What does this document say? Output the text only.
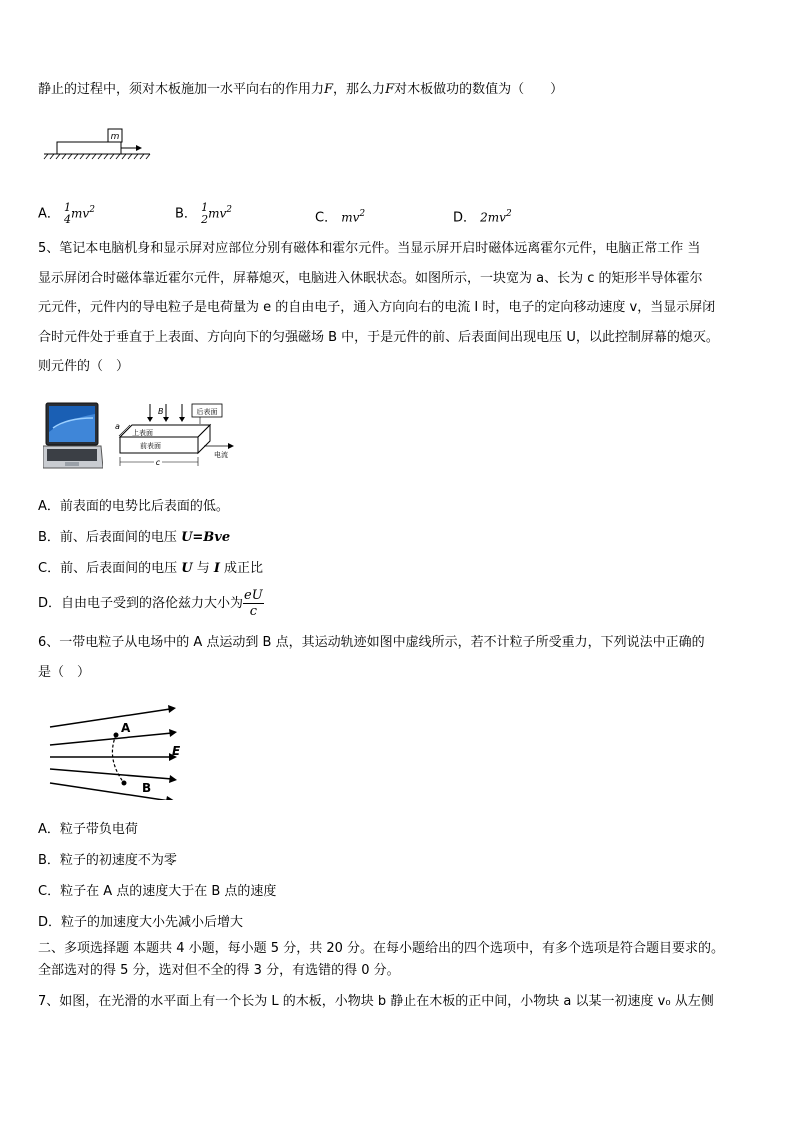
静止的过程中，须对木板施加一水平向右的作用力F，那么力F对木板做功的数值为（　　）
m
A． 1
4 $mv^2$	B． 1
2 $mv^2$
C． $mv^2$	D． $2mv^2$
5、笔记本电脑机身和显示屏对应部位分别有磁体和霍尔元件。当显示屏开启时磁体远离霍尔元件，电脑正常工作 当
显示屏闭合时磁体靠近霍尔元件，屏幕熄灭，电脑进入休眠状态。如图所示，一块宽为 a、长为 c 的矩形半导体霍尔
元元件，元件内的导电粒子是电荷量为 e 的自由电子，通入方向向右的电流 I 时，电子的定向移动速度 v，当显示屏闭
合时元件处于垂直于上表面、方向向下的匀强磁场 B 中，于是元件的前、后表面间出现电压 U，以此控制屏幕的熄灭。
则元件的（　）
B	后表面
上表面
前表面
a
c
电流
A．前表面的电势比后表面的低。
B．前、后表面间的电压 U=Bve
C．前、后表面间的电压 U 与 I 成正比
D．自由电子受到的洛伦兹力大小为 $\frac{eU}{c}$
6、一带电粒子从电场中的 A 点运动到 B 点，其运动轨迹如图中虚线所示，若不计粒子所受重力，下列说法中正确的
是（　）
A
B
E
A．粒子带负电荷
B．粒子的初速度不为零
C．粒子在 A 点的速度大于在 B 点的速度
D．粒子的加速度大小先减小后增大
二、多项选择题 本题共 4 小题，每小题 5 分，共 20 分。在每小题给出的四个选项中，有多个选项是符合题目要求的。
全部选对的得 5 分，选对但不全的得 3 分，有选错的得 0 分。
7、如图，在光滑的水平面上有一个长为 L 的木板，小物块 b 静止在木板的正中间，小物块 a 以某一初速度 v₀ 从左侧
